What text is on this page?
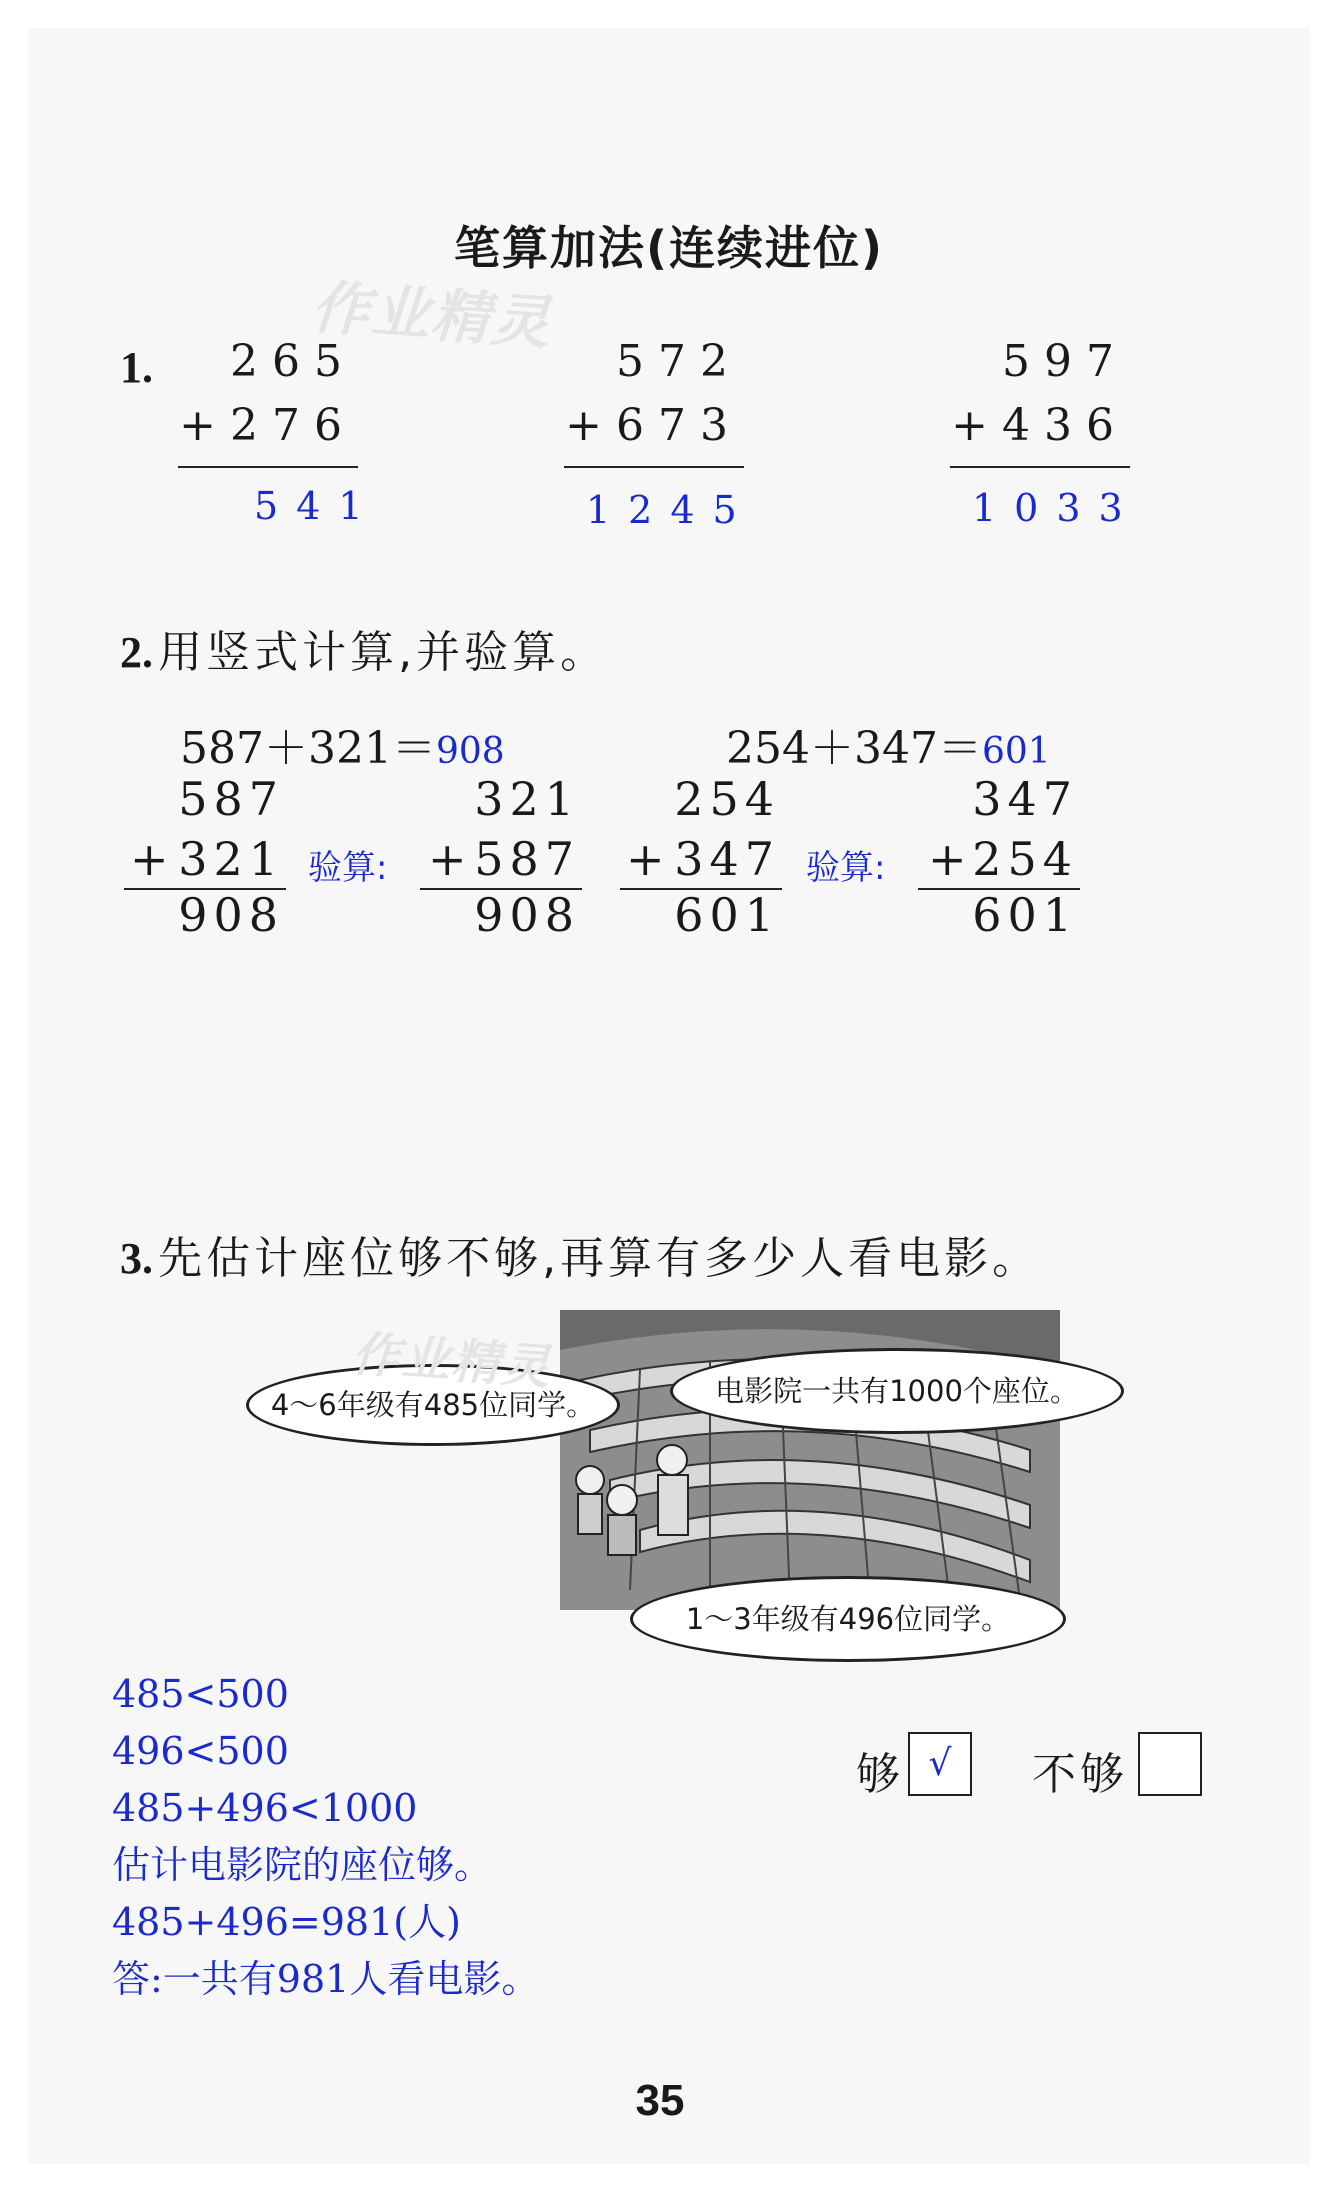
笔算加法(连续进位)
作业精灵
1.	265
+276
541
572
+673
1245
597
+436
1033
2. 用竖式计算,并验算。
587＋321＝908	254＋347＝601
587
+ 321
908
验算:
321
+ 587
908
254
+ 347
601
验算:
347
+ 254
601
3. 先估计座位够不够,再算有多少人看电影。
4～6年级有485位同学。	电影院一共有1000个座位。
1～3年级有496位同学。
作业精灵
485<500
496<500
485+496<1000
估计电影院的座位够。
485+496=981(人)
答:一共有981人看电影。
够 √	不够
35
